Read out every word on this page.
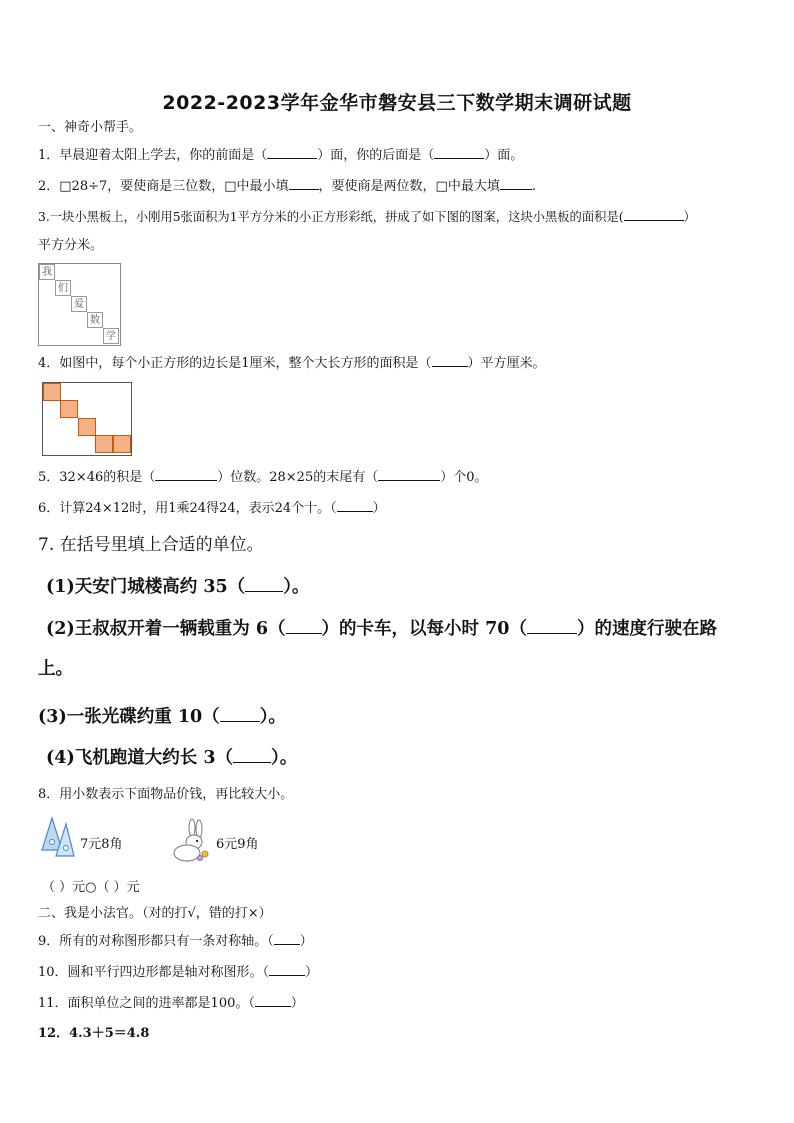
2022-2023学年金华市磐安县三下数学期末调研试题
一、神奇小帮手。
1．早晨迎着太阳上学去，你的前面是（	）面，你的后面是（	）面。
2．□28÷7，要使商是三位数，□中最小填 ，要使商是两位数，□中最大填 .
3.一块小黑板上，小刚用5张面积为1平方分米的小正方形彩纸，拼成了如下图的图案，这块小黑板的面积是(	）
平方分米。
我
们
爱
数
学
4．如图中，每个小正方形的边长是1厘米，整个大长方形的面积是（	）平方厘米。
5．32×46的积是（	）位数。28×25的末尾有（	）个0。
6．计算24×12时，用1乘24得24，表示24个十。（	）
7. 在括号里填上合适的单位。
(1)天安门城楼高约 35（ ）。
(2)王叔叔开着一辆载重为 6（ ）的卡车，以每小时 70（	）的速度行驶在路
上。
(3)一张光碟约重 10（ ）。
(4)飞机跑道大约长 3（ ）。
8．用小数表示下面物品价钱，再比较大小。
7元8角	6元9角
（ ）元○（ ）元
二、我是小法官。（对的打√，错的打×）
9．所有的对称图形都只有一条对称轴。（ ）
10．圆和平行四边形都是轴对称图形。（	）
11．面积单位之间的进率都是100。（	）
12．4.3＋5＝4.8
